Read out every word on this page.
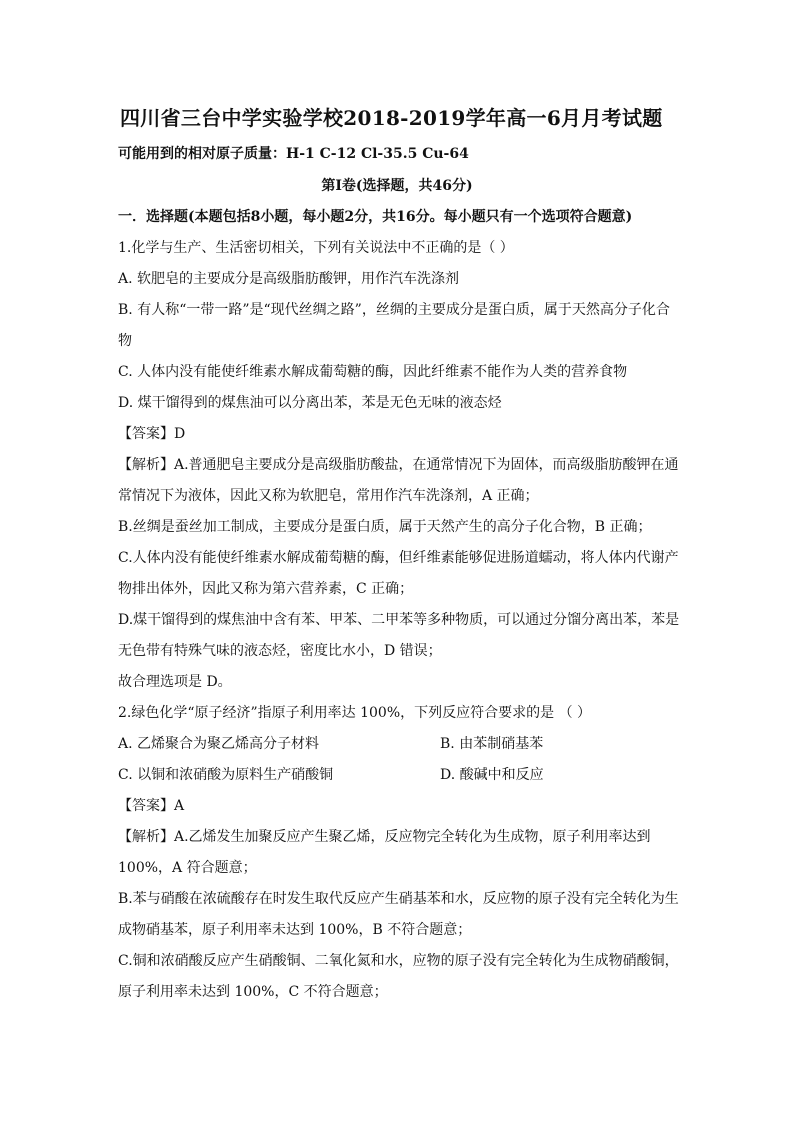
四川省三台中学实验学校2018-2019学年高一6月月考试题
可能用到的相对原子质量：H-1 C-12 Cl-35.5 Cu-64
第Ⅰ卷(选择题，共46分)
一．选择题(本题包括8小题，每小题2分，共16分。每小题只有一个选项符合题意)
1.化学与生产、生活密切相关，下列有关说法中不正确的是（ ）
A. 软肥皂的主要成分是高级脂肪酸钾，用作汽车洗涤剂
B. 有人称“一带一路”是“现代丝绸之路”，丝绸的主要成分是蛋白质，属于天然高分子化合
物
C. 人体内没有能使纤维素水解成葡萄糖的酶，因此纤维素不能作为人类的营养食物
D. 煤干馏得到的煤焦油可以分离出苯，苯是无色无味的液态烃
【答案】D
【解析】A.普通肥皂主要成分是高级脂肪酸盐，在通常情况下为固体，而高级脂肪酸钾在通
常情况下为液体，因此又称为软肥皂，常用作汽车洗涤剂，A 正确；
B.丝绸是蚕丝加工制成，主要成分是蛋白质，属于天然产生的高分子化合物，B 正确；
C.人体内没有能使纤维素水解成葡萄糖的酶，但纤维素能够促进肠道蠕动，将人体内代谢产
物排出体外，因此又称为第六营养素，C 正确；
D.煤干馏得到的煤焦油中含有苯、甲苯、二甲苯等多种物质，可以通过分馏分离出苯，苯是
无色带有特殊气味的液态烃，密度比水小，D 错误；
故合理选项是 D。
2.绿色化学“原子经济”指原子利用率达 100%，下列反应符合要求的是 （ ）
A. 乙烯聚合为聚乙烯高分子材料	B. 由苯制硝基苯
C. 以铜和浓硝酸为原料生产硝酸铜	D. 酸碱中和反应
【答案】A
【解析】A.乙烯发生加聚反应产生聚乙烯，反应物完全转化为生成物，原子利用率达到
100%，A 符合题意；
B.苯与硝酸在浓硫酸存在时发生取代反应产生硝基苯和水，反应物的原子没有完全转化为生
成物硝基苯，原子利用率未达到 100%，B 不符合题意；
C.铜和浓硝酸反应产生硝酸铜、二氧化氮和水，应物的原子没有完全转化为生成物硝酸铜，
原子利用率未达到 100%，C 不符合题意；
